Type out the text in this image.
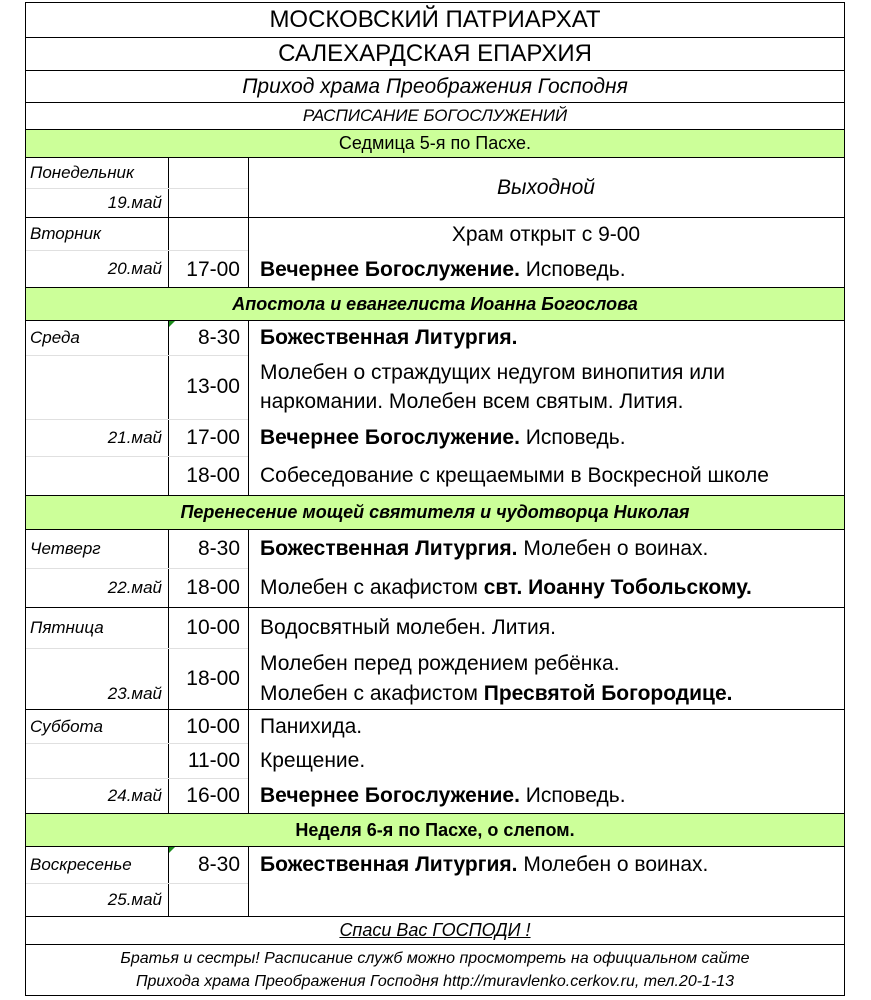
МОСКОВСКИЙ ПАТРИАРХАТ
САЛЕХАРДСКАЯ ЕПАРХИЯ
Приход храма Преображения Господня
РАСПИСАНИЕ БОГОСЛУЖЕНИЙ
Седмица 5-я по Пасхе.
Понедельник
19.май
Выходной
Вторник
20.май
Храм открыт с 9-00
17-00 Вечернее Богослужение. Исповедь.
Апостола и евангелиста Иоанна Богослова
Среда
21.май
8-30 Божественная Литургия.
13-00
Молебен о страждущих недугом винопития или наркомании. Молебен всем святым. Лития.
17-00 Вечернее Богослужение. Исповедь.
18-00 Собеседование с крещаемыми в Воскресной школе
Перенесение мощей святителя и чудотворца Николая
Четверг
22.май
8-30 Божественная Литургия. Молебен о воинах.
18-00 Молебен с акафистом свт. Иоанну Тобольскому.
Пятница
23.май
10-00 Водосвятный молебен. Лития.
18-00
Молебен перед рождением ребёнка.
Молебен с акафистом Пресвятой Богородице.
Суббота
24.май
10-00 Панихида.
11-00 Крещение.
16-00 Вечернее Богослужение. Исповедь.
Неделя 6-я по Пасхе, о слепом.
Воскресенье
25.май
8-30 Божественная Литургия. Молебен о воинах.
Спаси Вас ГОСПОДИ !
Братья и сестры! Расписание служб можно просмотреть на официальном сайте
Прихода храма Преображения Господня http://muravlenko.cerkov.ru, тел.20-1-13
